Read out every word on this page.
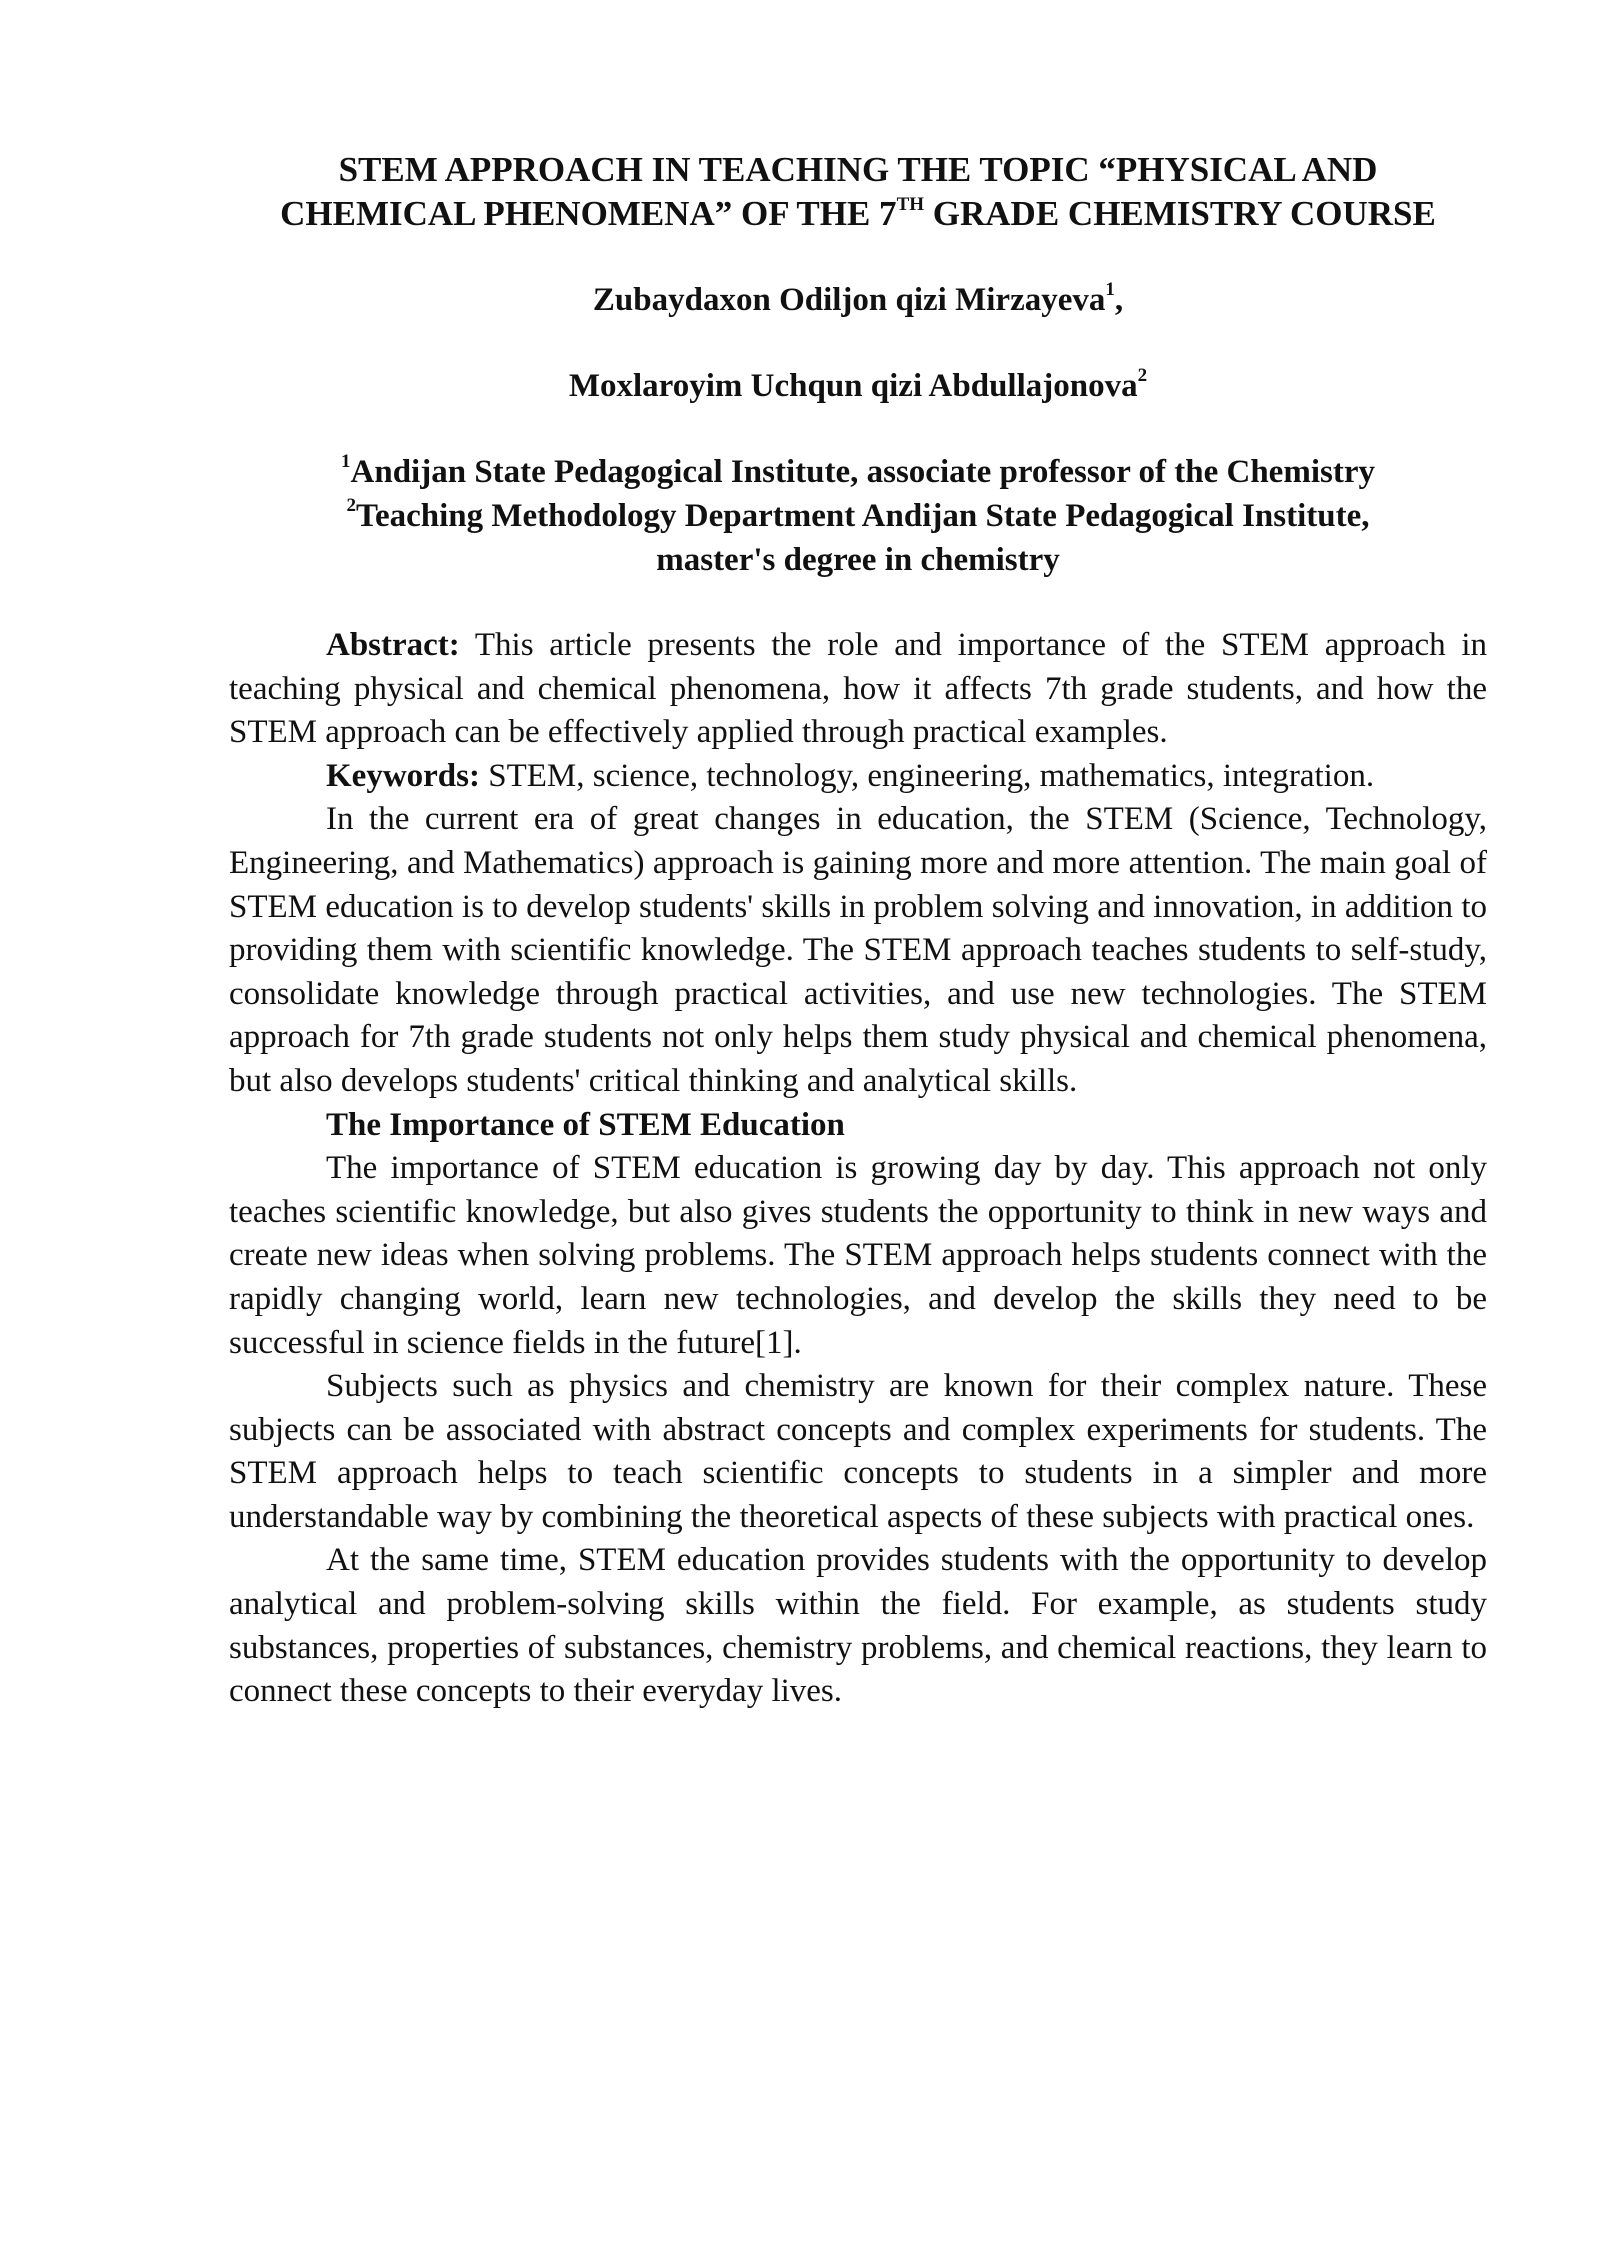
STEM APPROACH IN TEACHING THE TOPIC “PHYSICAL AND
CHEMICAL PHENOMENA” OF THE 7TH GRADE CHEMISTRY COURSE

Zubaydaxon Odiljon qizi Mirzayeva$^1$,

Moxlaroyim Uchqun qizi Abdullajonova$^2$

$^1$Andijan State Pedagogical Institute, associate professor of the Chemistry
$^2$Teaching Methodology Department Andijan State Pedagogical Institute,
master's degree in chemistry

Abstract: This article presents the role and importance of the STEM approach in teaching physical and chemical phenomena, how it affects 7th grade students, and how the STEM approach can be effectively applied through practical examples.

Keywords: STEM, science, technology, engineering, mathematics, integration.

In the current era of great changes in education, the STEM (Science, Technology, Engineering, and Mathematics) approach is gaining more and more attention. The main goal of STEM education is to develop students' skills in problem solving and innovation, in addition to providing them with scientific knowledge. The STEM approach teaches students to self-study, consolidate knowledge through practical activities, and use new technologies. The STEM approach for 7th grade students not only helps them study physical and chemical phenomena, but also develops students' critical thinking and analytical skills.

The Importance of STEM Education

The importance of STEM education is growing day by day. This approach not only teaches scientific knowledge, but also gives students the opportunity to think in new ways and create new ideas when solving problems. The STEM approach helps students connect with the rapidly changing world, learn new technologies, and develop the skills they need to be successful in science fields in the future[1].

Subjects such as physics and chemistry are known for their complex nature. These subjects can be associated with abstract concepts and complex experiments for students. The STEM approach helps to teach scientific concepts to students in a simpler and more understandable way by combining the theoretical aspects of these subjects with practical ones.

At the same time, STEM education provides students with the opportunity to develop analytical and problem-solving skills within the field. For example, as students study substances, properties of substances, chemistry problems, and chemical reactions, they learn to connect these concepts to their everyday lives.
